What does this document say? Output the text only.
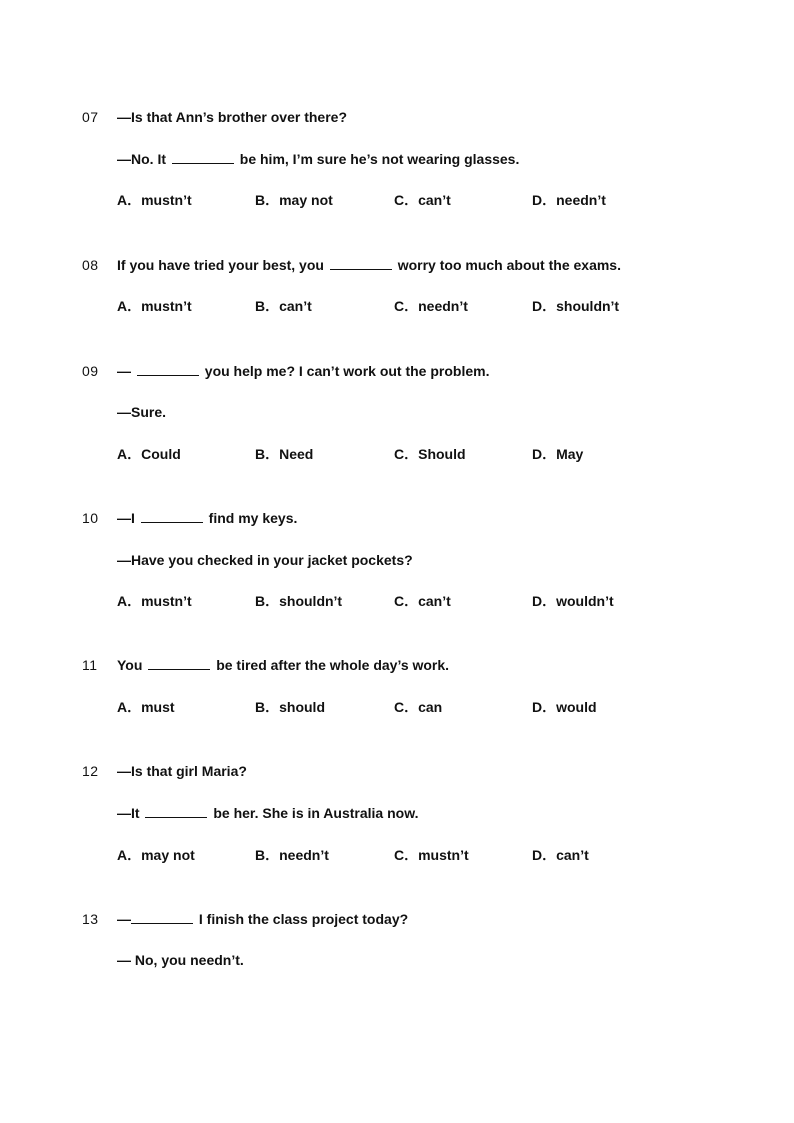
07	—Is that Ann’s brother over there?
—No. It	be him, I’m sure he’s not wearing glasses.
A．mustn’t	B．may not	C．can’t	D．needn’t
08	If you have tried your best, you	worry too much about the exams.
A．mustn’t	B．can’t	C．needn’t	D．shouldn’t
09	—	you help me? I can’t work out the problem.
—Sure.
A．Could	B．Need	C．Should	D．May
10	—I	find my keys.
—Have you checked in your jacket pockets?
A．mustn’t	B．shouldn’t	C．can’t	D．wouldn’t
11	You	be tired after the whole day’s work.
A．must	B．should	C．can	D．would
12	—Is that girl Maria?
—It	be her. She is in Australia now.
A．may not	B．needn’t	C．mustn’t	D．can’t
13	—	I finish the class project today?
— No, you needn’t.
